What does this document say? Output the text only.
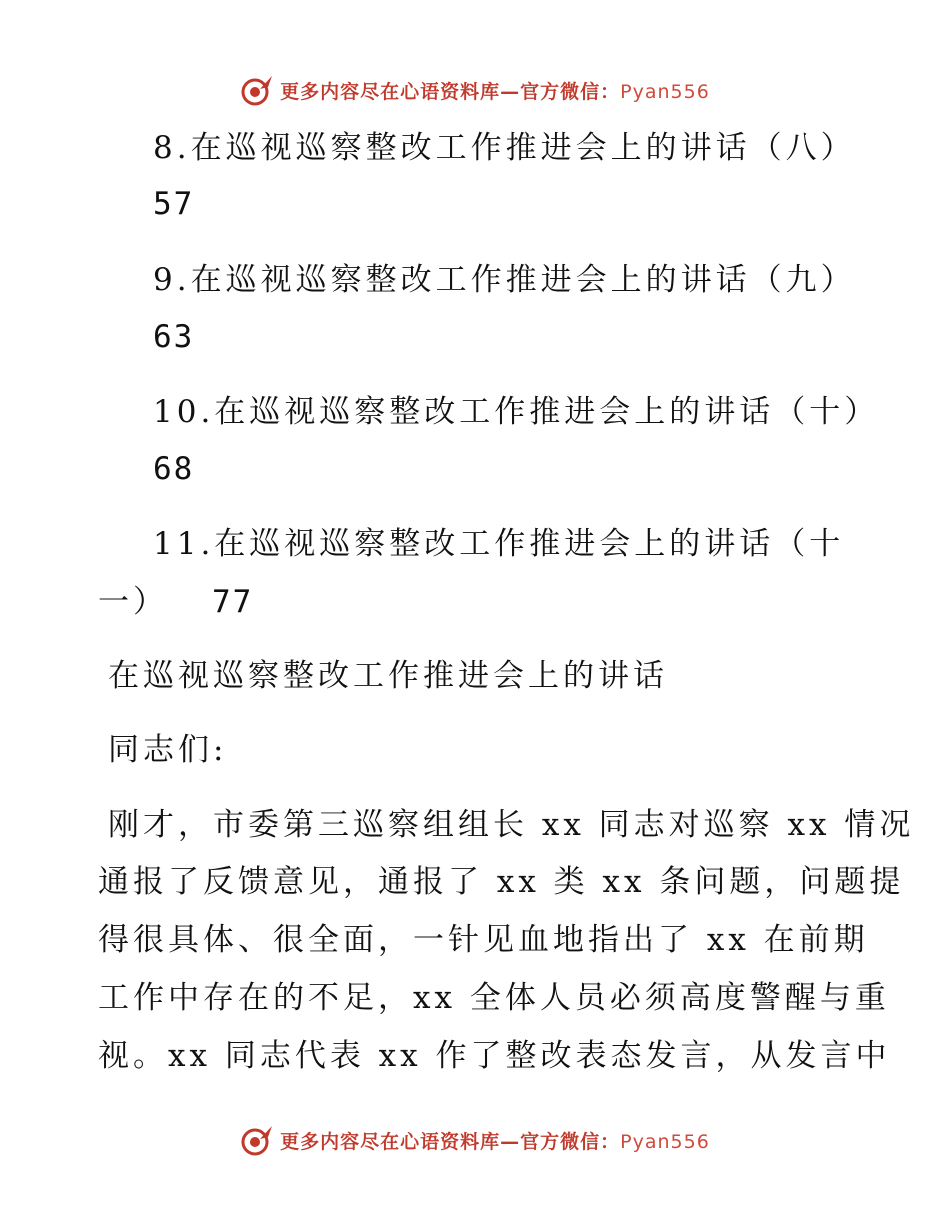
更多内容尽在心语资料库—官方微信：Pyan556
8.在巡视巡察整改工作推进会上的讲话（八）
57
9.在巡视巡察整改工作推进会上的讲话（九）
63
10.在巡视巡察整改工作推进会上的讲话（十）
68
11.在巡视巡察整改工作推进会上的讲话（十
一） 77
在巡视巡察整改工作推进会上的讲话
同志们:
刚才，市委第三巡察组组长 xx 同志对巡察 xx 情况
通报了反馈意见，通报了 xx 类 xx 条问题，问题提
得很具体、很全面，一针见血地指出了 xx 在前期
工作中存在的不足，xx 全体人员必须高度警醒与重
视。xx 同志代表 xx 作了整改表态发言，从发言中
更多内容尽在心语资料库—官方微信：Pyan556
